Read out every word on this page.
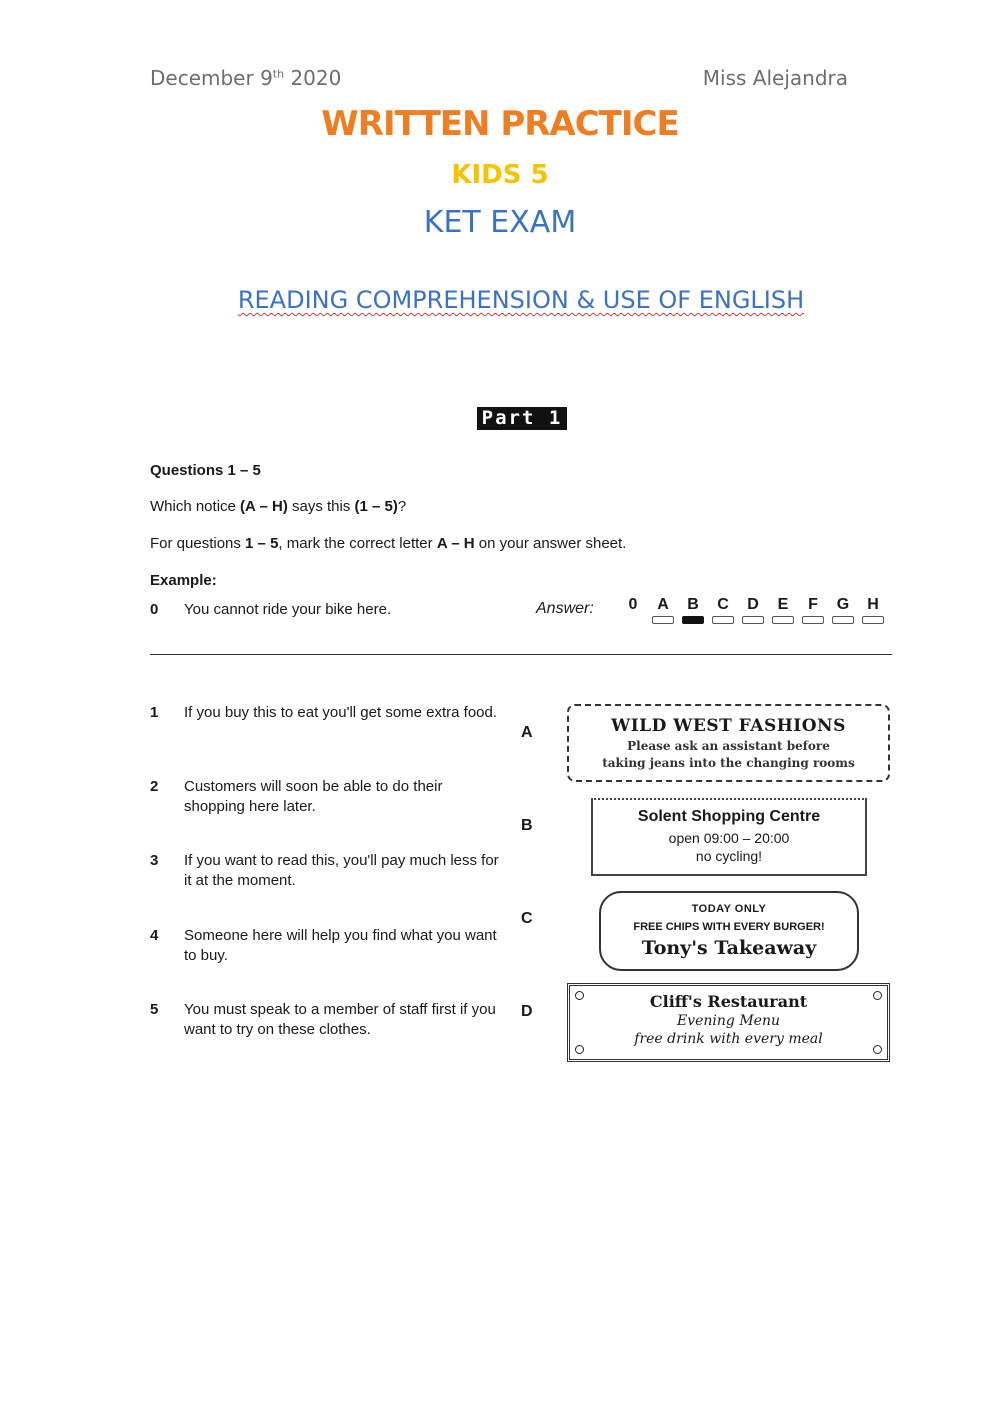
December 9th 2020	Miss Alejandra
WRITTEN PRACTICE
KIDS 5
KET EXAM
READING COMPREHENSION & USE OF ENGLISH
Part 1
Questions 1 – 5
Which notice (A – H) says this (1 – 5)?
For questions 1 – 5, mark the correct letter A – H on your answer sheet.
Example:
0 You cannot ride your bike here.	Answer:	0	A	B	C	D	E	F	G	H
1 If you buy this to eat you'll get some extra food.
2 Customers will soon be able to do their shopping here later.
3 If you want to read this, you'll pay much less for it at the moment.
4 Someone here will help you find what you want to buy.
5 You must speak to a member of staff first if you want to try on these clothes.
A
B
C
D
WILD WEST FASHIONS
Please ask an assistant before
taking jeans into the changing rooms
Solent Shopping Centre
open 09:00 – 20:00
no cycling!
TODAY ONLY
FREE CHIPS WITH EVERY BURGER!
Tony's Takeaway
Cliff's Restaurant
Evening Menu
free drink with every meal
